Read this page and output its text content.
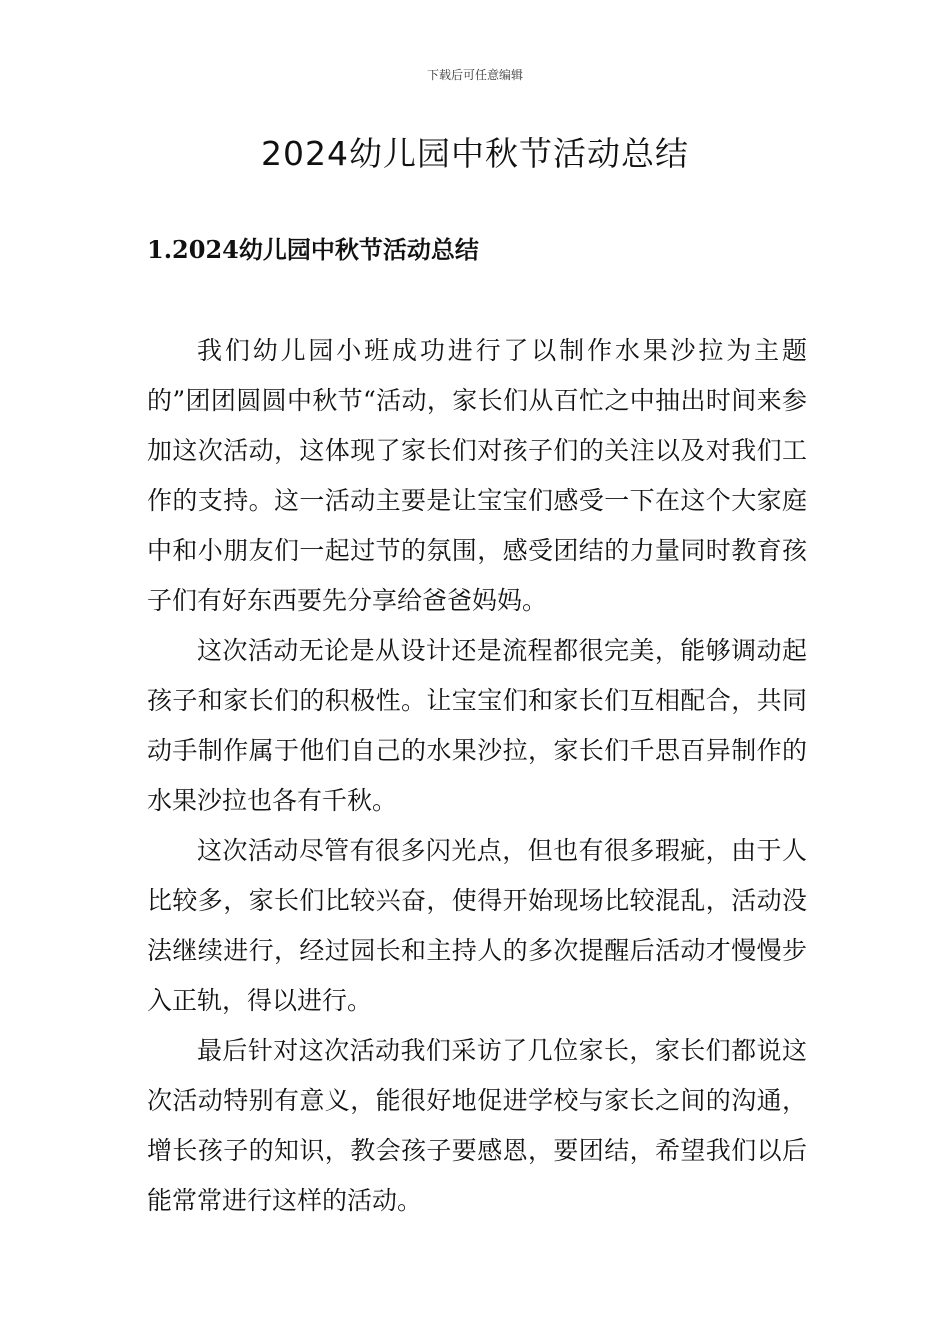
下载后可任意编辑
2024幼儿园中秋节活动总结
1.2024幼儿园中秋节活动总结

我们幼儿园小班成功进行了以制作水果沙拉为主题的”团团圆圆中秋节“活动，家长们从百忙之中抽出时间来参加这次活动，这体现了家长们对孩子们的关注以及对我们工作的支持。这一活动主要是让宝宝们感受一下在这个大家庭中和小朋友们一起过节的氛围，感受团结的力量同时教育孩子们有好东西要先分享给爸爸妈妈。

这次活动无论是从设计还是流程都很完美，能够调动起孩子和家长们的积极性。让宝宝们和家长们互相配合，共同动手制作属于他们自己的水果沙拉，家长们千思百异制作的水果沙拉也各有千秋。

这次活动尽管有很多闪光点，但也有很多瑕疵，由于人比较多，家长们比较兴奋，使得开始现场比较混乱，活动没法继续进行，经过园长和主持人的多次提醒后活动才慢慢步入正轨，得以进行。

最后针对这次活动我们采访了几位家长，家长们都说这次活动特别有意义，能很好地促进学校与家长之间的沟通，增长孩子的知识，教会孩子要感恩，要团结，希望我们以后能常常进行这样的活动。
